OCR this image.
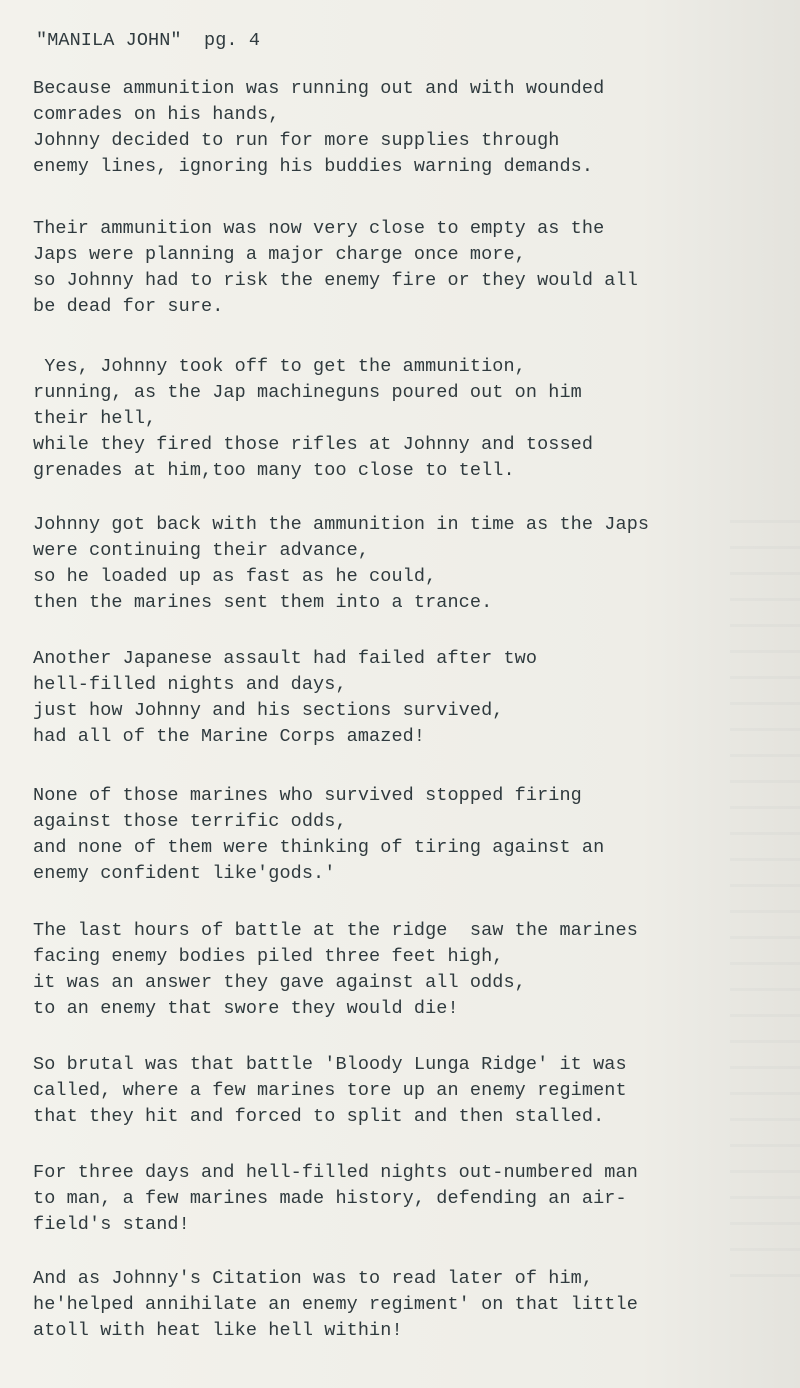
"MANILA JOHN"  pg. 4
Because ammunition was running out and with wounded
comrades on his hands,
Johnny decided to run for more supplies through
enemy lines, ignoring his buddies warning demands.
Their ammunition was now very close to empty as the
Japs were planning a major charge once more,
so Johnny had to risk the enemy fire or they would all
be dead for sure.
Yes, Johnny took off to get the ammunition,
running, as the Jap machineguns poured out on him
their hell,
while they fired those rifles at Johnny and tossed
grenades at him,too many too close to tell.
Johnny got back with the ammunition in time as the Japs
were continuing their advance,
so he loaded up as fast as he could,
then the marines sent them into a trance.
Another Japanese assault had failed after two
hell-filled nights and days,
just how Johnny and his sections survived,
had all of the Marine Corps amazed!
None of those marines who survived stopped firing
against those terrific odds,
and none of them were thinking of tiring against an
enemy confident like'gods.'
The last hours of battle at the ridge  saw the marines
facing enemy bodies piled three feet high,
it was an answer they gave against all odds,
to an enemy that swore they would die!
So brutal was that battle 'Bloody Lunga Ridge' it was
called, where a few marines tore up an enemy regiment
that they hit and forced to split and then stalled.
For three days and hell-filled nights out-numbered man
to man, a few marines made history, defending an air-
field's stand!
And as Johnny's Citation was to read later of him,
he'helped annihilate an enemy regiment' on that little
atoll with heat like hell within!
